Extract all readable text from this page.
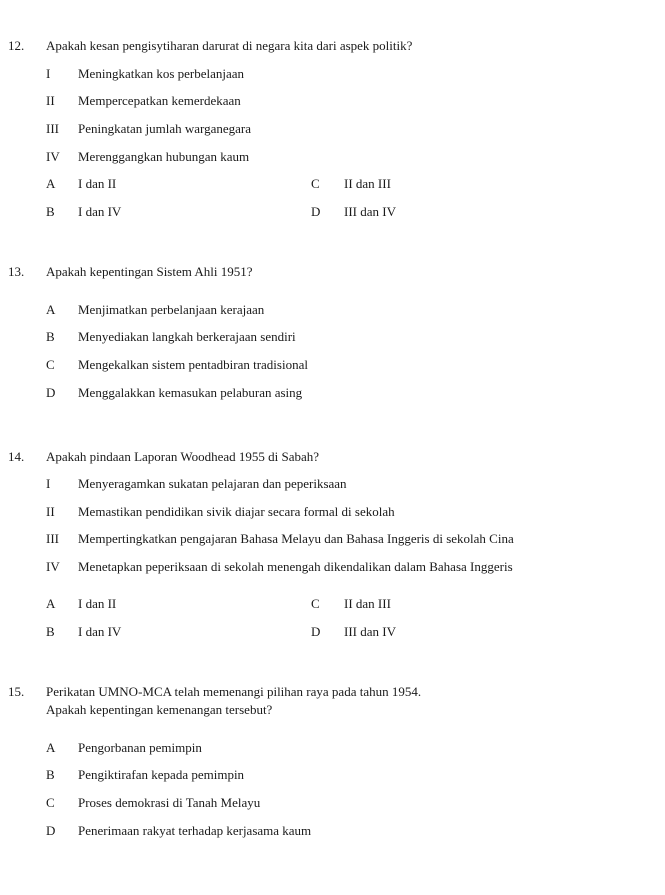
12. Apakah kesan pengisytiharan darurat di negara kita dari aspek politik?
I Meningkatkan kos perbelanjaan
II Mempercepatkan kemerdekaan
III Peningkatan jumlah warganegara
IV Merenggangkan hubungan kaum
A I dan II	C II dan III
B I dan IV	D III dan IV
13. Apakah kepentingan Sistem Ahli 1951?
A Menjimatkan perbelanjaan kerajaan
B Menyediakan langkah berkerajaan sendiri
C Mengekalkan sistem pentadbiran tradisional
D Menggalakkan kemasukan pelaburan asing
14. Apakah pindaan Laporan Woodhead 1955 di Sabah?
I Menyeragamkan sukatan pelajaran dan peperiksaan
II Memastikan pendidikan sivik diajar secara formal di sekolah
III Mempertingkatkan pengajaran Bahasa Melayu dan Bahasa Inggeris di sekolah Cina
IV Menetapkan peperiksaan di sekolah menengah dikendalikan dalam Bahasa Inggeris
A I dan II	C II dan III
B I dan IV	D III dan IV
15. Perikatan UMNO-MCA telah memenangi pilihan raya pada tahun 1954.
Apakah kepentingan kemenangan tersebut?
A Pengorbanan pemimpin
B Pengiktirafan kepada pemimpin
C Proses demokrasi di Tanah Melayu
D Penerimaan rakyat terhadap kerjasama kaum
